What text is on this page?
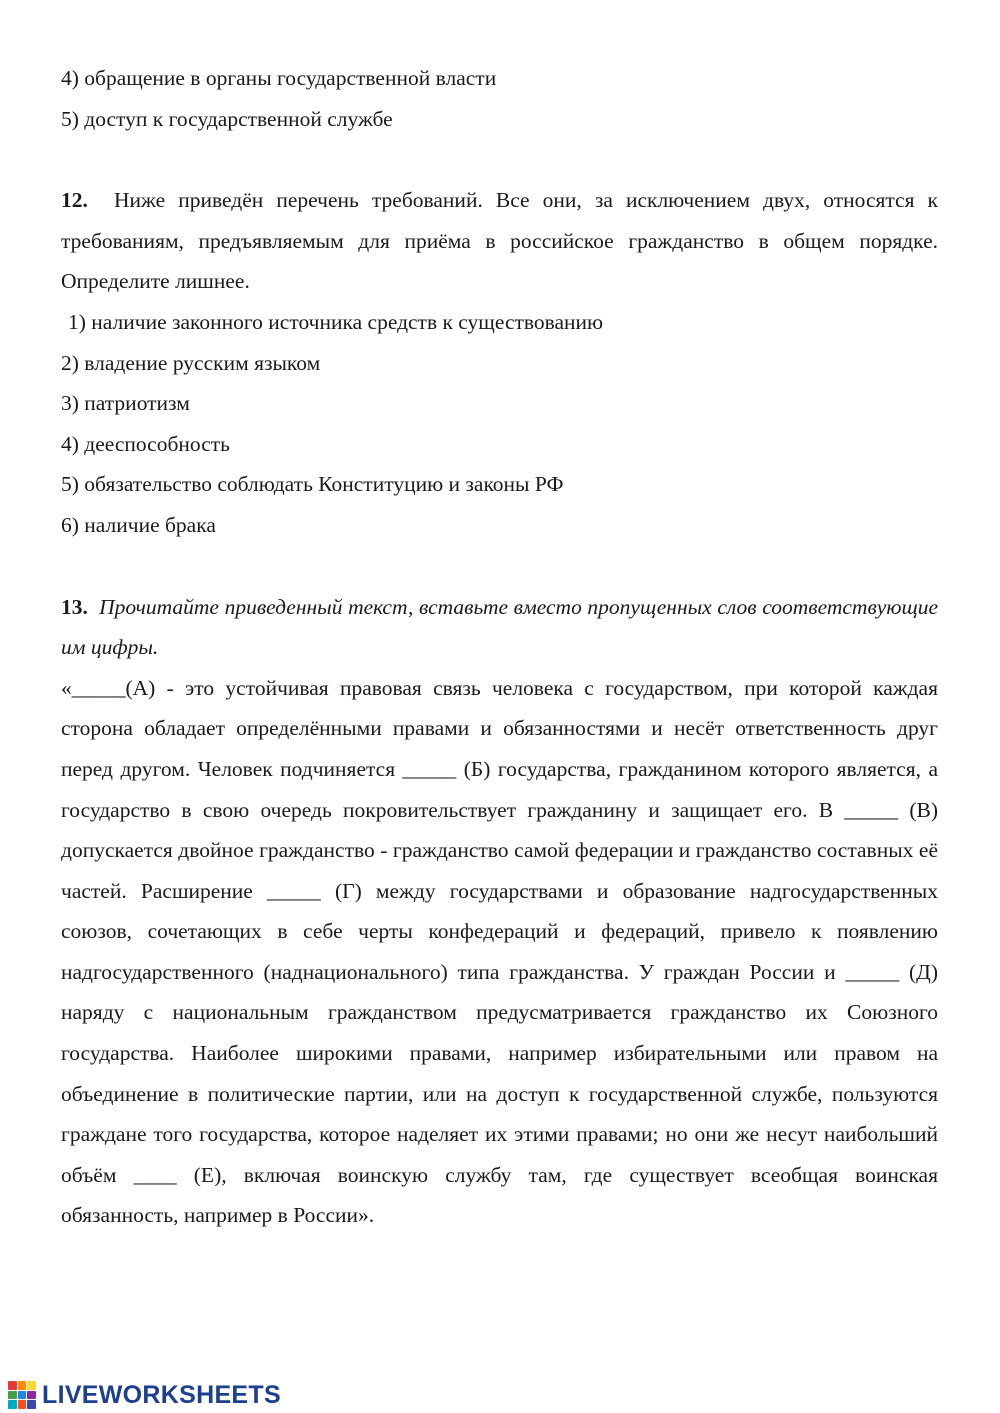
4) обращение в органы государственной власти

5) доступ к государственной службе

12. Ниже приведён перечень требований. Все они, за исключением двух, относятся к требованиям, предъявляемым для приёма в российское гражданство в общем порядке. Определите лишнее.

1) наличие законного источника средств к существованию

2) владение русским языком

3) патриотизм

4) дееспособность

5) обязательство соблюдать Конституцию и законы РФ

6) наличие брака

13. Прочитайте приведенный текст, вставьте вместо пропущенных слов соответствующие им цифры.

«_____(А) - это устойчивая правовая связь человека с государством, при которой каждая сторона обладает определёнными правами и обязанностями и несёт ответственность друг перед другом. Человек подчиняется _____ (Б) государства, гражданином которого является, а государство в свою очередь покровительствует гражданину и защищает его. В _____ (В) допускается двойное гражданство - гражданство самой федерации и гражданство составных её частей. Расширение _____ (Г) между государствами и образование надгосударственных союзов, сочетающих в себе черты конфедераций и федераций, привело к появлению надгосударственного (наднационального) типа гражданства. У граждан России и _____ (Д) наряду с национальным гражданством предусматривается гражданство их Союзного государства. Наиболее широкими правами, например избирательными или правом на объединение в политические партии, или на доступ к государственной службе, пользуются граждане того государства, которое наделяет их этими правами; но они же несут наибольший объём ____ (Е), включая воинскую службу там, где существует всеобщая воинская обязанность, например в России».

LIVEWORKSHEETS
